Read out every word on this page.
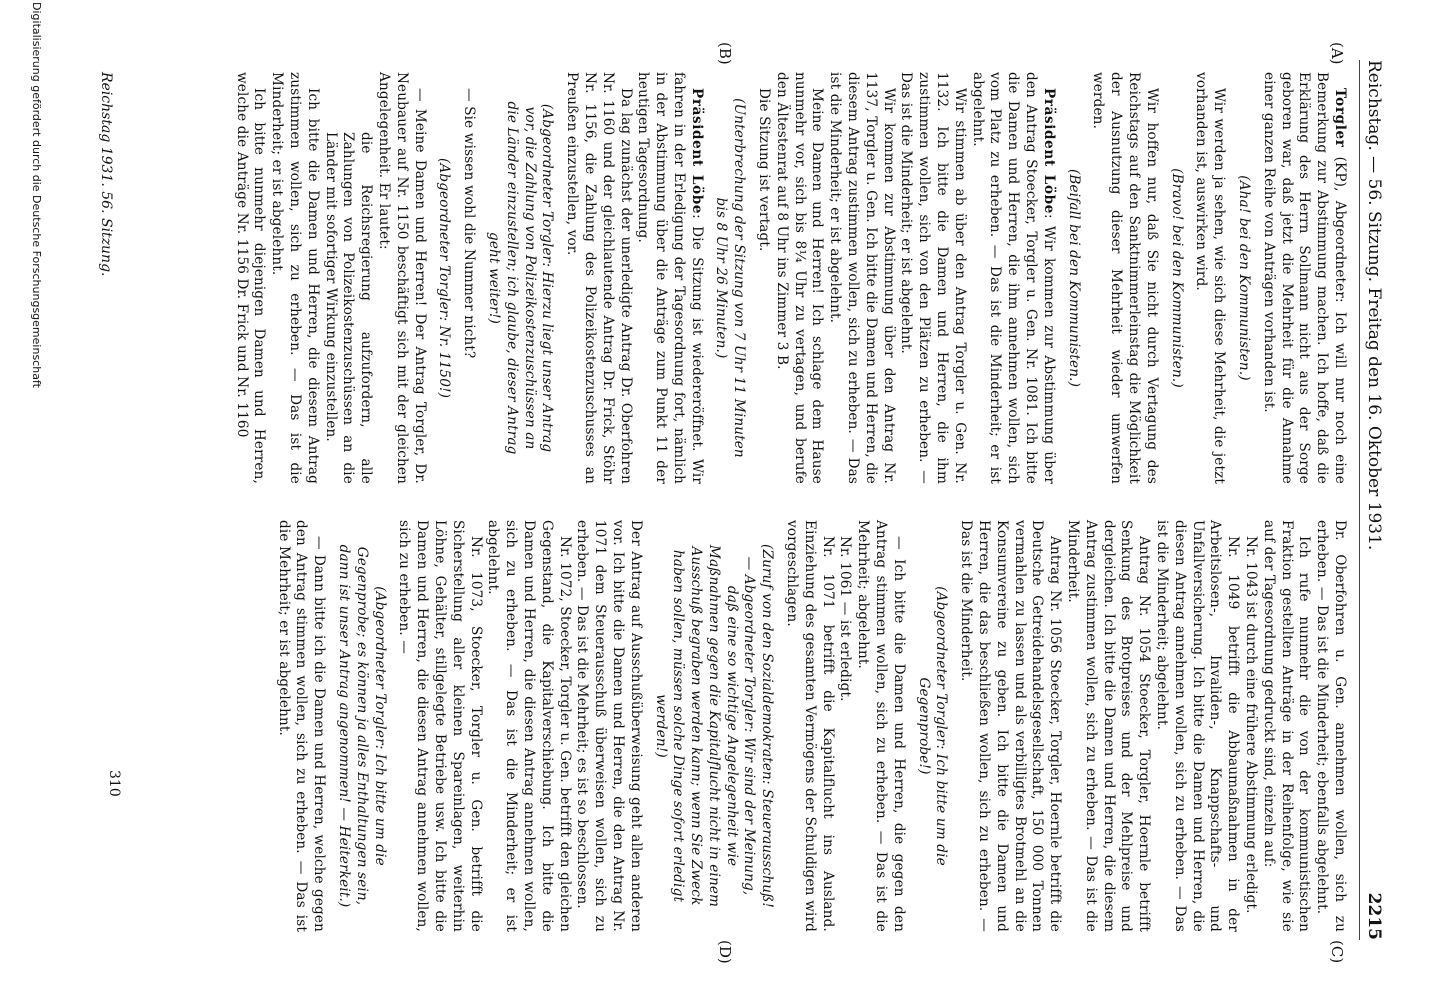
Reichstag. — 56. Sitzung. Freitag den 16. Oktober 1931.
2215
(A)
(B)
(C)
(D)

Torgler (KP), Abgeordneter: Ich will nur noch eine Bemerkung zur Abstimmung machen. Ich hoffe, daß die Erklärung des Herrn Sollmann nicht aus der Sorge geboren war, daß jetzt die Mehrheit für die Annahme einer ganzen Reihe von Anträgen vorhanden ist.

(Aha! bei den Kommunisten.)

Wir werden ja sehen, wie sich diese Mehrheit, die jetzt vorhanden ist, auswirken wird.

(Bravo! bei den Kommunisten.)

Wir hoffen nur, daß Sie nicht durch Vertagung des Reichstags auf den Sanktnimmerleinstag die Möglichkeit der Ausnutzung dieser Mehrheit wieder umwerfen werden.

(Beifall bei den Kommunisten.)

Präsident Löbe: Wir kommen zur Abstimmung über den Antrag Stoecker, Torgler u. Gen. Nr. 1081. Ich bitte die Damen und Herren, die ihm annehmen wollen, sich vom Platz zu erheben. — Das ist die Minderheit; er ist abgelehnt.

Wir stimmen ab über den Antrag Torgler u. Gen. Nr. 1132. Ich bitte die Damen und Herren, die ihm zustimmen wollen, sich von den Plätzen zu erheben. — Das ist die Minderheit; er ist abgelehnt.

Wir kommen zur Abstimmung über den Antrag Nr. 1137, Torgler u. Gen. Ich bitte die Damen und Herren, die diesem Antrag zustimmen wollen, sich zu erheben. — Das ist die Minderheit; er ist abgelehnt.

Meine Damen und Herren! Ich schlage dem Hause nunmehr vor, sich bis 8¼ Uhr zu vertagen, und berufe den Ältestenrat auf 8 Uhr ins Zimmer 3 B.

Die Sitzung ist vertagt.

(Unterbrechung der Sitzung von 7 Uhr 11 Minuten bis 8 Uhr 26 Minuten.)

Präsident Löbe: Die Sitzung ist wiedereröffnet. Wir fahren in der Erledigung der Tagesordnung fort, nämlich in der Abstimmung über die Anträge zum Punkt 11 der heutigen Tagesordnung.

Da lag zunächst der unerledigte Antrag Dr. Oberfohren Nr. 1160 und der gleichlautende Antrag Dr. Frick, Stöhr Nr. 1156, die Zahlung des Polizeikostenzuschusses an Preußen einzustellen, vor.

(Abgeordneter Torgler: Hierzu liegt unser Antrag vor, die Zahlung von Polizeikostenzuschüssen an die Länder einzustellen; ich glaube, dieser Antrag geht weiter!)

— Sie wissen wohl die Nummer nicht?

(Abgeordneter Torgler: Nr. 1150!)

— Meine Damen und Herren! Der Antrag Torgler, Dr. Neubauer auf Nr. 1150 beschäftigt sich mit der gleichen Angelegenheit. Er lautet:

die Reichsregierung aufzufordern, alle Zahlungen von Polizeikostenzuschüssen an die Länder mit sofortiger Wirkung einzustellen.

Ich bitte die Damen und Herren, die diesem Antrag zustimmen wollen, sich zu erheben. — Das ist die Minderheit; er ist abgelehnt.

Ich bitte nunmehr diejenigen Damen und Herren, welche die Anträge Nr. 1156 Dr. Frick und Nr. 1160

Dr. Oberfohren u. Gen. annehmen wollen, sich zu erheben. — Das ist die Minderheit; ebenfalls abgelehnt.

Ich rufe nunmehr die von der kommunistischen Fraktion gestellten Anträge in der Reihenfolge, wie sie auf der Tagesordnung gedruckt sind, einzeln auf:

Nr. 1043 ist durch eine frühere Abstimmung erledigt.

Nr. 1049 betrifft die Abbaumaßnahmen in der Arbeitslosen-, Invaliden-, Knappschafts- und Unfallversicherung. Ich bitte die Damen und Herren, die diesen Antrag annehmen wollen, sich zu erheben. — Das ist die Minderheit; abgelehnt.

Antrag Nr. 1054 Stoecker, Torgler, Hoernle betrifft Senkung des Brotpreises und der Mehlpreise und dergleichen. Ich bitte die Damen und Herren, die diesem Antrag zustimmen wollen, sich zu erheben. — Das ist die Minderheit.

Antrag Nr. 1056 Stoecker, Torgler, Hoernle betrifft die Deutsche Getreidehandelsgesellschaft, 150 000 Tonnen vermahlen zu lassen und als verbilligtes Brotmehl an die Konsumvereine zu geben. Ich bitte die Damen und Herren, die das beschließen wollen, sich zu erheben. — Das ist die Minderheit.

(Abgeordneter Torgler: Ich bitte um die Gegenprobe!)

— Ich bitte die Damen und Herren, die gegen den Antrag stimmen wollen, sich zu erheben. — Das ist die Mehrheit; abgelehnt.

Nr. 1061 — ist erledigt.

Nr. 1071 betrifft die Kapitalflucht ins Ausland. Einziehung des gesamten Vermögens der Schuldigen wird vorgeschlagen.

(Zuruf von den Sozialdemokraten: Steuerausschuß! — Abgeordneter Torgler: Wir sind der Meinung, daß eine so wichtige Angelegenheit wie Maßnahmen gegen die Kapitalflucht nicht in einem Ausschuß begraben werden kann; wenn Sie Zweck haben sollen, müssen solche Dinge sofort erledigt werden!)

Der Antrag auf Ausschußüberweisung geht allen anderen vor. Ich bitte die Damen und Herren, die den Antrag Nr. 1071 dem Steuerausschuß überweisen wollen, sich zu erheben. — Das ist die Mehrheit; es ist so beschlossen.

Nr. 1072, Stoecker, Torgler u. Gen. betrifft den gleichen Gegenstand, die Kapitalverschiebung. Ich bitte die Damen und Herren, die diesen Antrag annehmen wollen, sich zu erheben. — Das ist die Minderheit; er ist abgelehnt.

Nr. 1073, Stoecker, Torgler u. Gen. betrifft die Sicherstellung aller kleinen Spareinlagen, weiterhin Löhne, Gehälter, stillgelegte Betriebe usw. Ich bitte die Damen und Herren, die diesen Antrag annehmen wollen, sich zu erheben. —

(Abgeordneter Torgler: Ich bitte um die Gegenprobe; es können ja alles Enthaltungen sein, dann ist unser Antrag angenommen! — Heiterkeit.)

— Dann bitte ich die Damen und Herren, welche gegen den Antrag stimmen wollen, sich zu erheben. — Das ist die Mehrheit; er ist abgelehnt.

Reichstag 1931. 56. Sitzung.
310
Digitalisierung gefördert durch die Deutsche Forschungsgemeinschaft
